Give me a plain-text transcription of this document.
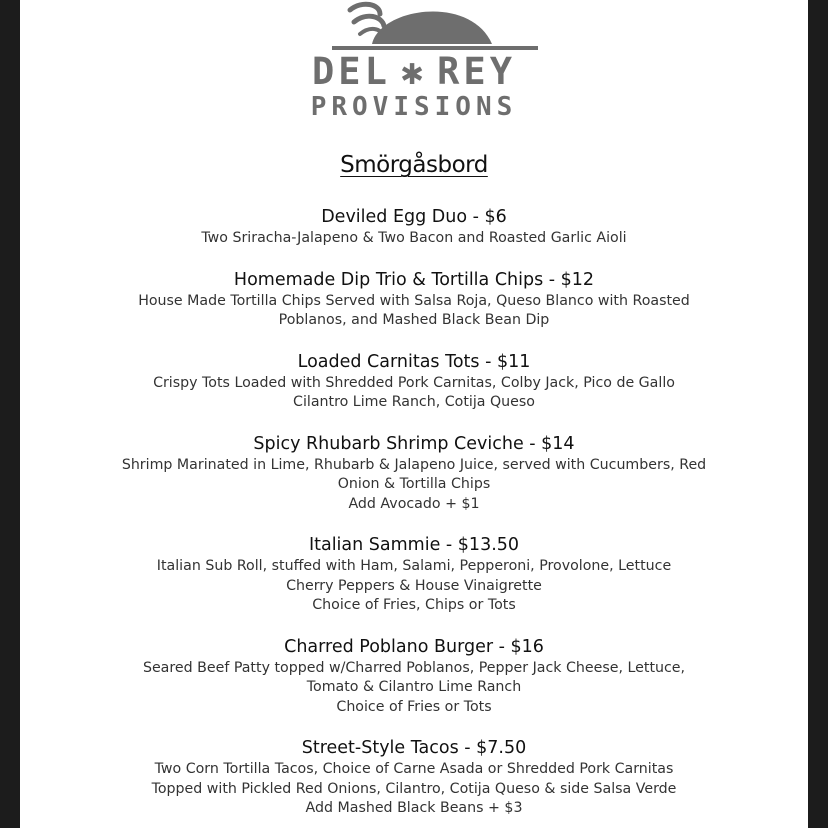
DEL ✱ REY
PROVISIONS
Smörgåsbord
Deviled Egg Duo - $6
Two Sriracha-Jalapeno & Two Bacon and Roasted Garlic Aioli
Homemade Dip Trio & Tortilla Chips - $12
House Made Tortilla Chips Served with Salsa Roja, Queso Blanco with Roasted
Poblanos, and Mashed Black Bean Dip
Loaded Carnitas Tots - $11
Crispy Tots Loaded with Shredded Pork Carnitas, Colby Jack, Pico de Gallo
Cilantro Lime Ranch, Cotija Queso
Spicy Rhubarb Shrimp Ceviche - $14
Shrimp Marinated in Lime, Rhubarb & Jalapeno Juice, served with Cucumbers, Red
Onion & Tortilla Chips
Add Avocado + $1
Italian Sammie - $13.50
Italian Sub Roll, stuffed with Ham, Salami, Pepperoni, Provolone, Lettuce
Cherry Peppers & House Vinaigrette
Choice of Fries, Chips or Tots
Charred Poblano Burger - $16
Seared Beef Patty topped w/Charred Poblanos, Pepper Jack Cheese, Lettuce,
Tomato & Cilantro Lime Ranch
Choice of Fries or Tots
Street-Style Tacos - $7.50
Two Corn Tortilla Tacos, Choice of Carne Asada or Shredded Pork Carnitas
Topped with Pickled Red Onions, Cilantro, Cotija Queso & side Salsa Verde
Add Mashed Black Beans + $3
